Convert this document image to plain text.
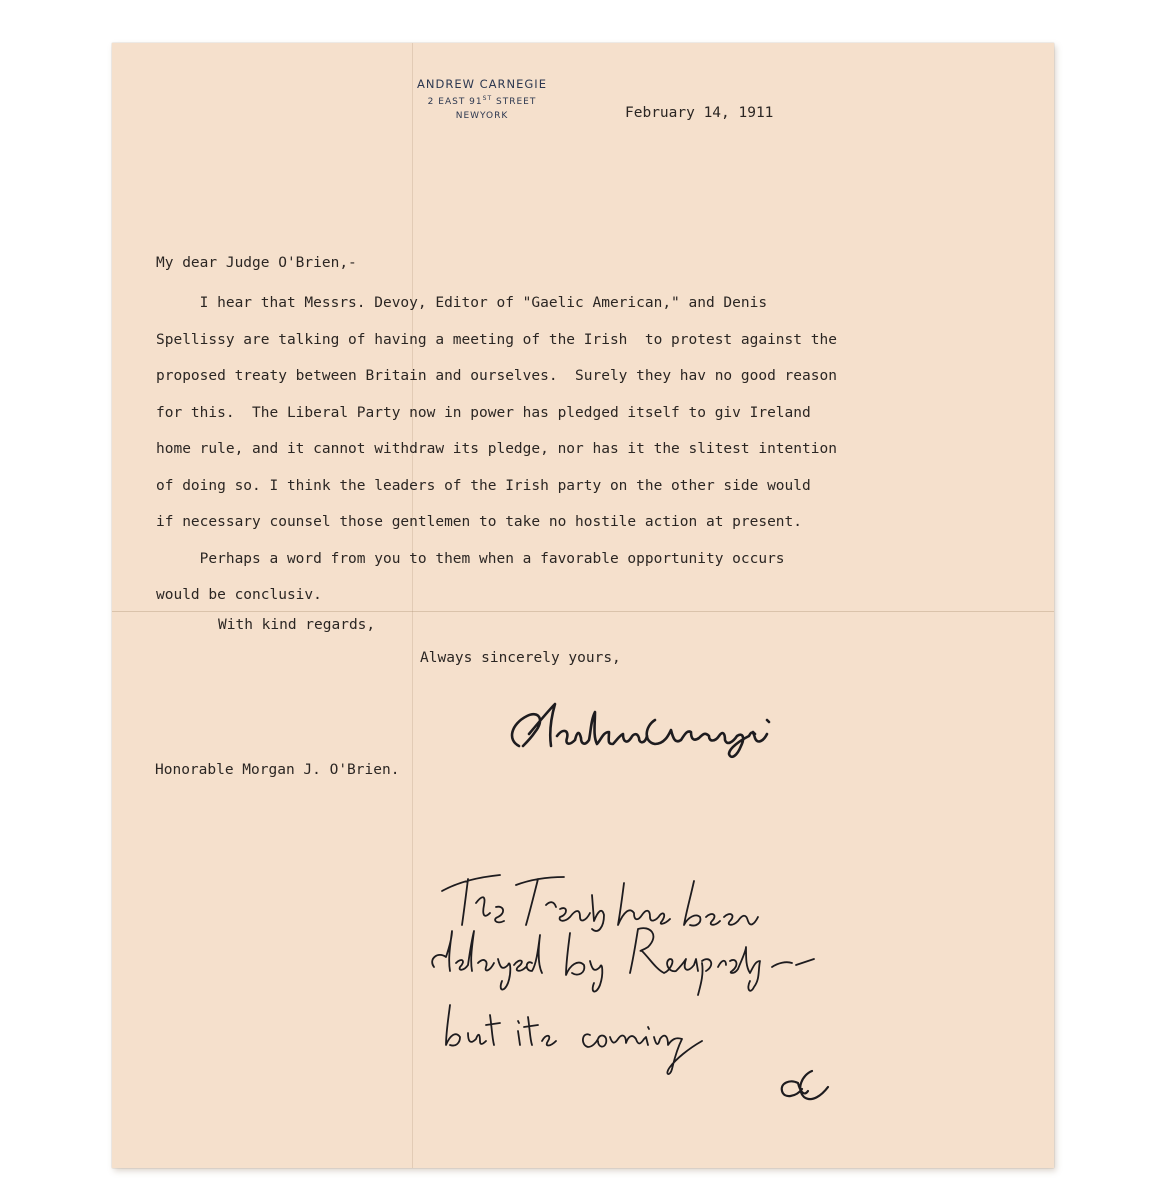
ANDREW CARNEGIE
2 EAST 91ST STREET
NEWYORK	February 14, 1911
My dear Judge O'Brien,-
I hear that Messrs. Devoy, Editor of "Gaelic American," and Denis
Spellissy are talking of having a meeting of the Irish  to protest against the
proposed treaty between Britain and ourselves.  Surely they hav no good reason
for this.  The Liberal Party now in power has pledged itself to giv Ireland
home rule, and it cannot withdraw its pledge, nor has it the slitest intention
of doing so. I think the leaders of the Irish party on the other side would
if necessary counsel those gentlemen to take no hostile action at present.
Perhaps a word from you to them when a favorable opportunity occurs
would be conclusiv.
With kind regards,
Always sincerely yours,
Honorable Morgan J. O'Brien.
